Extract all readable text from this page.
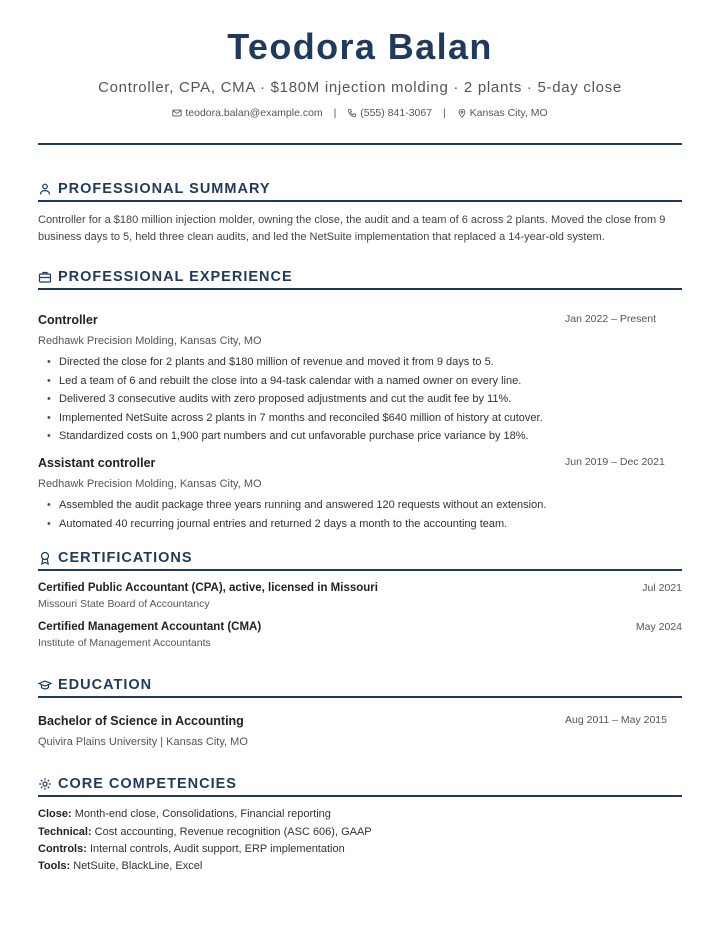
Teodora Balan
Controller, CPA, CMA · $180M injection molding · 2 plants · 5-day close
teodora.balan@example.com | (555) 841-3067 | Kansas City, MO
PROFESSIONAL SUMMARY
Controller for a $180 million injection molder, owning the close, the audit and a team of 6 across 2 plants. Moved the close from 9 business days to 5, held three clean audits, and led the NetSuite implementation that replaced a 14-year-old system.
PROFESSIONAL EXPERIENCE
Controller	Jan 2022 – Present
Redhawk Precision Molding, Kansas City, MO
• Directed the close for 2 plants and $180 million of revenue and moved it from 9 days to 5.
• Led a team of 6 and rebuilt the close into a 94-task calendar with a named owner on every line.
• Delivered 3 consecutive audits with zero proposed adjustments and cut the audit fee by 11%.
• Implemented NetSuite across 2 plants in 7 months and reconciled $640 million of history at cutover.
• Standardized costs on 1,900 part numbers and cut unfavorable purchase price variance by 18%.
Assistant controller	Jun 2019 – Dec 2021
Redhawk Precision Molding, Kansas City, MO
• Assembled the audit package three years running and answered 120 requests without an extension.
• Automated 40 recurring journal entries and returned 2 days a month to the accounting team.
CERTIFICATIONS
Certified Public Accountant (CPA), active, licensed in Missouri	Jul 2021
Missouri State Board of Accountancy
Certified Management Accountant (CMA)	May 2024
Institute of Management Accountants
EDUCATION
Bachelor of Science in Accounting	Aug 2011 – May 2015
Quivira Plains University | Kansas City, MO
CORE COMPETENCIES
Close: Month-end close, Consolidations, Financial reporting
Technical: Cost accounting, Revenue recognition (ASC 606), GAAP
Controls: Internal controls, Audit support, ERP implementation
Tools: NetSuite, BlackLine, Excel
